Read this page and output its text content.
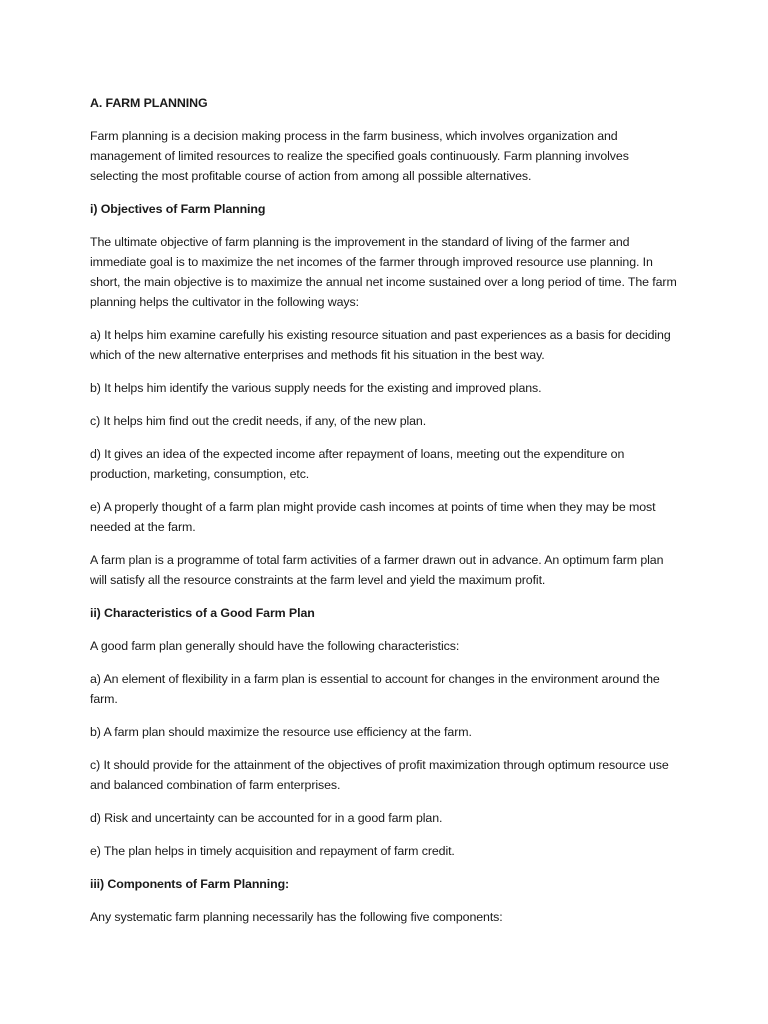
A. FARM PLANNING

Farm planning is a decision making process in the farm business, which involves organization and management of limited resources to realize the specified goals continuously. Farm planning involves selecting the most profitable course of action from among all possible alternatives.

i) Objectives of Farm Planning

The ultimate objective of farm planning is the improvement in the standard of living of the farmer and immediate goal is to maximize the net incomes of the farmer through improved resource use planning. In short, the main objective is to maximize the annual net income sustained over a long period of time. The farm planning helps the cultivator in the following ways:

a) It helps him examine carefully his existing resource situation and past experiences as a basis for deciding which of the new alternative enterprises and methods fit his situation in the best way.

b) It helps him identify the various supply needs for the existing and improved plans.

c) It helps him find out the credit needs, if any, of the new plan.

d) It gives an idea of the expected income after repayment of loans, meeting out the expenditure on production, marketing, consumption, etc.

e) A properly thought of a farm plan might provide cash incomes at points of time when they may be most needed at the farm.

A farm plan is a programme of total farm activities of a farmer drawn out in advance. An optimum farm plan will satisfy all the resource constraints at the farm level and yield the maximum profit.

ii) Characteristics of a Good Farm Plan

A good farm plan generally should have the following characteristics:

a) An element of flexibility in a farm plan is essential to account for changes in the environment around the farm.

b) A farm plan should maximize the resource use efficiency at the farm.

c) It should provide for the attainment of the objectives of profit maximization through optimum resource use and balanced combination of farm enterprises.

d) Risk and uncertainty can be accounted for in a good farm plan.

e) The plan helps in timely acquisition and repayment of farm credit.

iii) Components of Farm Planning:

Any systematic farm planning necessarily has the following five components:
